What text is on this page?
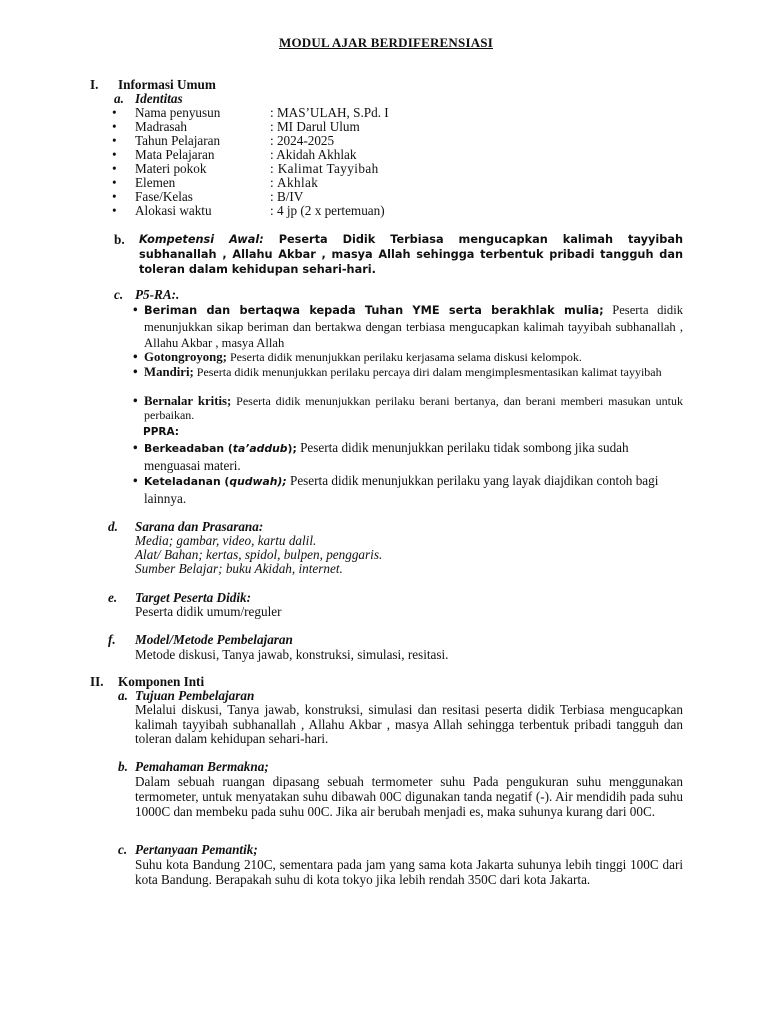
MODUL AJAR BERDIFERENSIASI
I. Informasi Umum
a. Identitas
•
Nama penyusun	: MAS’ULAH, S.Pd. I
•
Madrasah	: MI Darul Ulum
•
Tahun Pelajaran	: 2024-2025
•
Mata Pelajaran	: Akidah Akhlak
•
Materi pokok	: Kalimat Tayyibah
•
Elemen	: Akhlak
•
Fase/Kelas	: B/IV
•
Alokasi waktu	: 4 jp (2 x pertemuan)
b. Kompetensi Awal: Peserta Didik Terbiasa mengucapkan kalimah tayyibah subhanallah , Allahu Akbar , masya Allah sehingga terbentuk pribadi tangguh dan toleran dalam kehidupan sehari-hari.
c. P5-RA:.
• Beriman dan bertaqwa kepada Tuhan YME serta berakhlak mulia; Peserta didik menunjukkan sikap beriman dan bertakwa dengan terbiasa mengucapkan kalimah tayyibah subhanallah , Allahu Akbar , masya Allah
• Gotongroyong; Peserta didik menunjukkan perilaku kerjasama selama diskusi kelompok.
• Mandiri; Peserta didik menunjukkan perilaku percaya diri dalam mengimplesmentasikan kalimat tayyibah
• Bernalar kritis; Peserta didik menunjukkan perilaku berani bertanya, dan berani memberi masukan untuk perbaikan.
PPRA:
• Berkeadaban (ta’addub); Peserta didik menunjukkan perilaku tidak sombong jika sudah menguasai materi.
• Keteladanan (qudwah); Peserta didik menunjukkan perilaku yang layak diajdikan contoh bagi lainnya.
d. Sarana dan Prasarana:
Media; gambar, video, kartu dalil.
Alat/ Bahan; kertas, spidol, bulpen, penggaris.
Sumber Belajar; buku Akidah, internet.
e. Target Peserta Didik:
Peserta didik umum/reguler
f. Model/Metode Pembelajaran
Metode diskusi, Tanya jawab, konstruksi, simulasi, resitasi.
II. Komponen Inti
a. Tujuan Pembelajaran
Melalui diskusi, Tanya jawab, konstruksi, simulasi dan resitasi peserta didik Terbiasa mengucapkan kalimah tayyibah subhanallah , Allahu Akbar , masya Allah sehingga terbentuk pribadi tangguh dan toleran dalam kehidupan sehari-hari.
b. Pemahaman Bermakna;
Dalam sebuah ruangan dipasang sebuah termometer suhu Pada pengukuran suhu menggunakan termometer, untuk menyatakan suhu dibawah 00C digunakan tanda negatif (-). Air mendidih pada suhu 1000C dan membeku pada suhu 00C. Jika air berubah menjadi es, maka suhunya kurang dari 00C.
c. Pertanyaan Pemantik;
Suhu kota Bandung 210C, sementara pada jam yang sama kota Jakarta suhunya lebih tinggi 100C dari kota Bandung. Berapakah suhu di kota tokyo jika lebih rendah 350C dari kota Jakarta.
